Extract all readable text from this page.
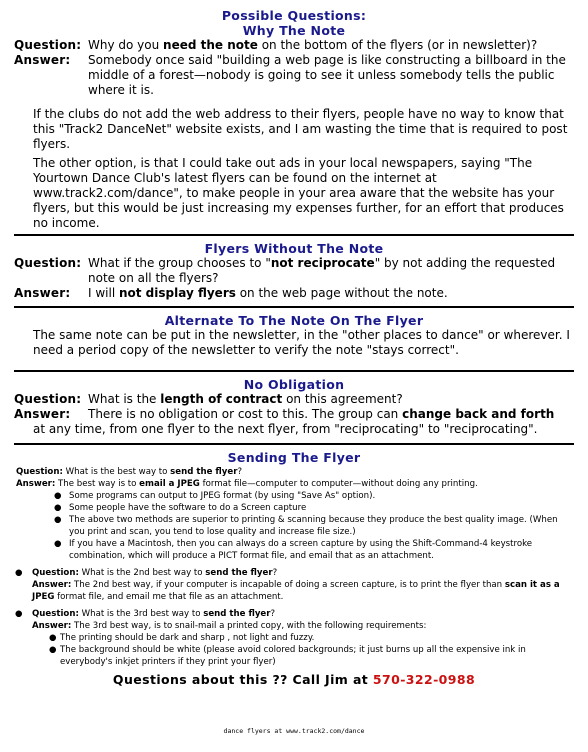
Possible Questions:
Why The Note
Question: Why do you need the note on the bottom of the flyers (or in newsletter)?
Answer: Somebody once said "building a web page is like constructing a billboard in the middle of a forest—nobody is going to see it unless somebody tells the public where it is.
If the clubs do not add the web address to their flyers, people have no way to know that this "Track2 DanceNet" website exists, and I am wasting the time that is required to post flyers.
The other option, is that I could take out ads in your local newspapers, saying "The Yourtown Dance Club's latest flyers can be found on the internet at www.track2.com/dance", to make people in your area aware that the website has your flyers, but this would be just increasing my expenses further, for an effort that produces no income.
Flyers Without The Note
Question: What if the group chooses to "not reciprocate" by not adding the requested note on all the flyers?
Answer: I will not display flyers on the web page without the note.
Alternate To The Note On The Flyer
The same note can be put in the newsletter, in the "other places to dance" or wherever. I need a period copy of the newsletter to verify the note "stays correct".
No Obligation
Question: What is the length of contract on this agreement?
Answer: There is no obligation or cost to this. The group can change back and forth
at any time, from one flyer to the next flyer, from "reciprocating" to "reciprocating".
Sending The Flyer
Question: What is the best way to send the flyer?
Answer: The best way is to email a JPEG format file—computer to computer—without doing any printing.
● Some programs can output to JPEG format (by using "Save As" option).
● Some people have the software to do a Screen capture
● The above two methods are superior to printing & scanning because they produce the best quality image. (When you print and scan, you tend to lose quality and increase file size.)
● If you have a Macintosh, then you can always do a screen capture by using the Shift-Command-4 keystroke combination, which will produce a PICT format file, and email that as an attachment.
● Question: What is the 2nd best way to send the flyer?
Answer: The 2nd best way, if your computer is incapable of doing a screen capture, is to print the flyer than scan it as a JPEG format file, and email me that file as an attachment.
● Question: What is the 3rd best way to send the flyer?
Answer: The 3rd best way, is to snail-mail a printed copy, with the following requirements:
● The printing should be dark and sharp , not light and fuzzy.
● The background should be white (please avoid colored backgrounds; it just burns up all the expensive ink in everybody's inkjet printers if they print your flyer)
Questions about this ?? Call Jim at 570-322-0988
dance flyers at www.track2.com/dance
